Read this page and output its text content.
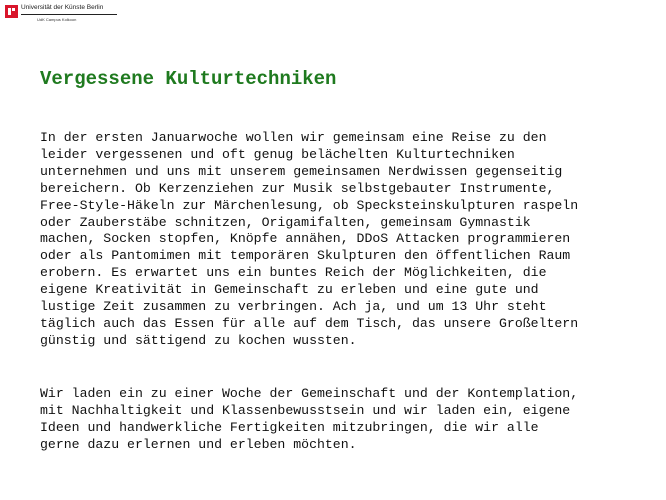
Universität der Künste Berlin
UdK Campus Kolkoon
Vergessene Kulturtechniken

In der ersten Januarwoche wollen wir gemeinsam eine Reise zu den
leider vergessenen und oft genug belächelten Kulturtechniken
unternehmen und uns mit unserem gemeinsamen Nerdwissen gegenseitig
bereichern. Ob Kerzenziehen zur Musik selbstgebauter Instrumente,
Free-Style-Häkeln zur Märchenlesung, ob Specksteinskulpturen raspeln
oder Zauberstäbe schnitzen, Origamifalten, gemeinsam Gymnastik
machen, Socken stopfen, Knöpfe annähen, DDoS Attacken programmieren
oder als Pantomimen mit temporären Skulpturen den öffentlichen Raum
erobern. Es erwartet uns ein buntes Reich der Möglichkeiten, die
eigene Kreativität in Gemeinschaft zu erleben und eine gute und
lustige Zeit zusammen zu verbringen. Ach ja, und um 13 Uhr steht
täglich auch das Essen für alle auf dem Tisch, das unsere Großeltern
günstig und sättigend zu kochen wussten.

Wir laden ein zu einer Woche der Gemeinschaft und der Kontemplation,
mit Nachhaltigkeit und Klassenbewusstsein und wir laden ein, eigene
Ideen und handwerkliche Fertigkeiten mitzubringen, die wir alle
gerne dazu erlernen und erleben möchten.
